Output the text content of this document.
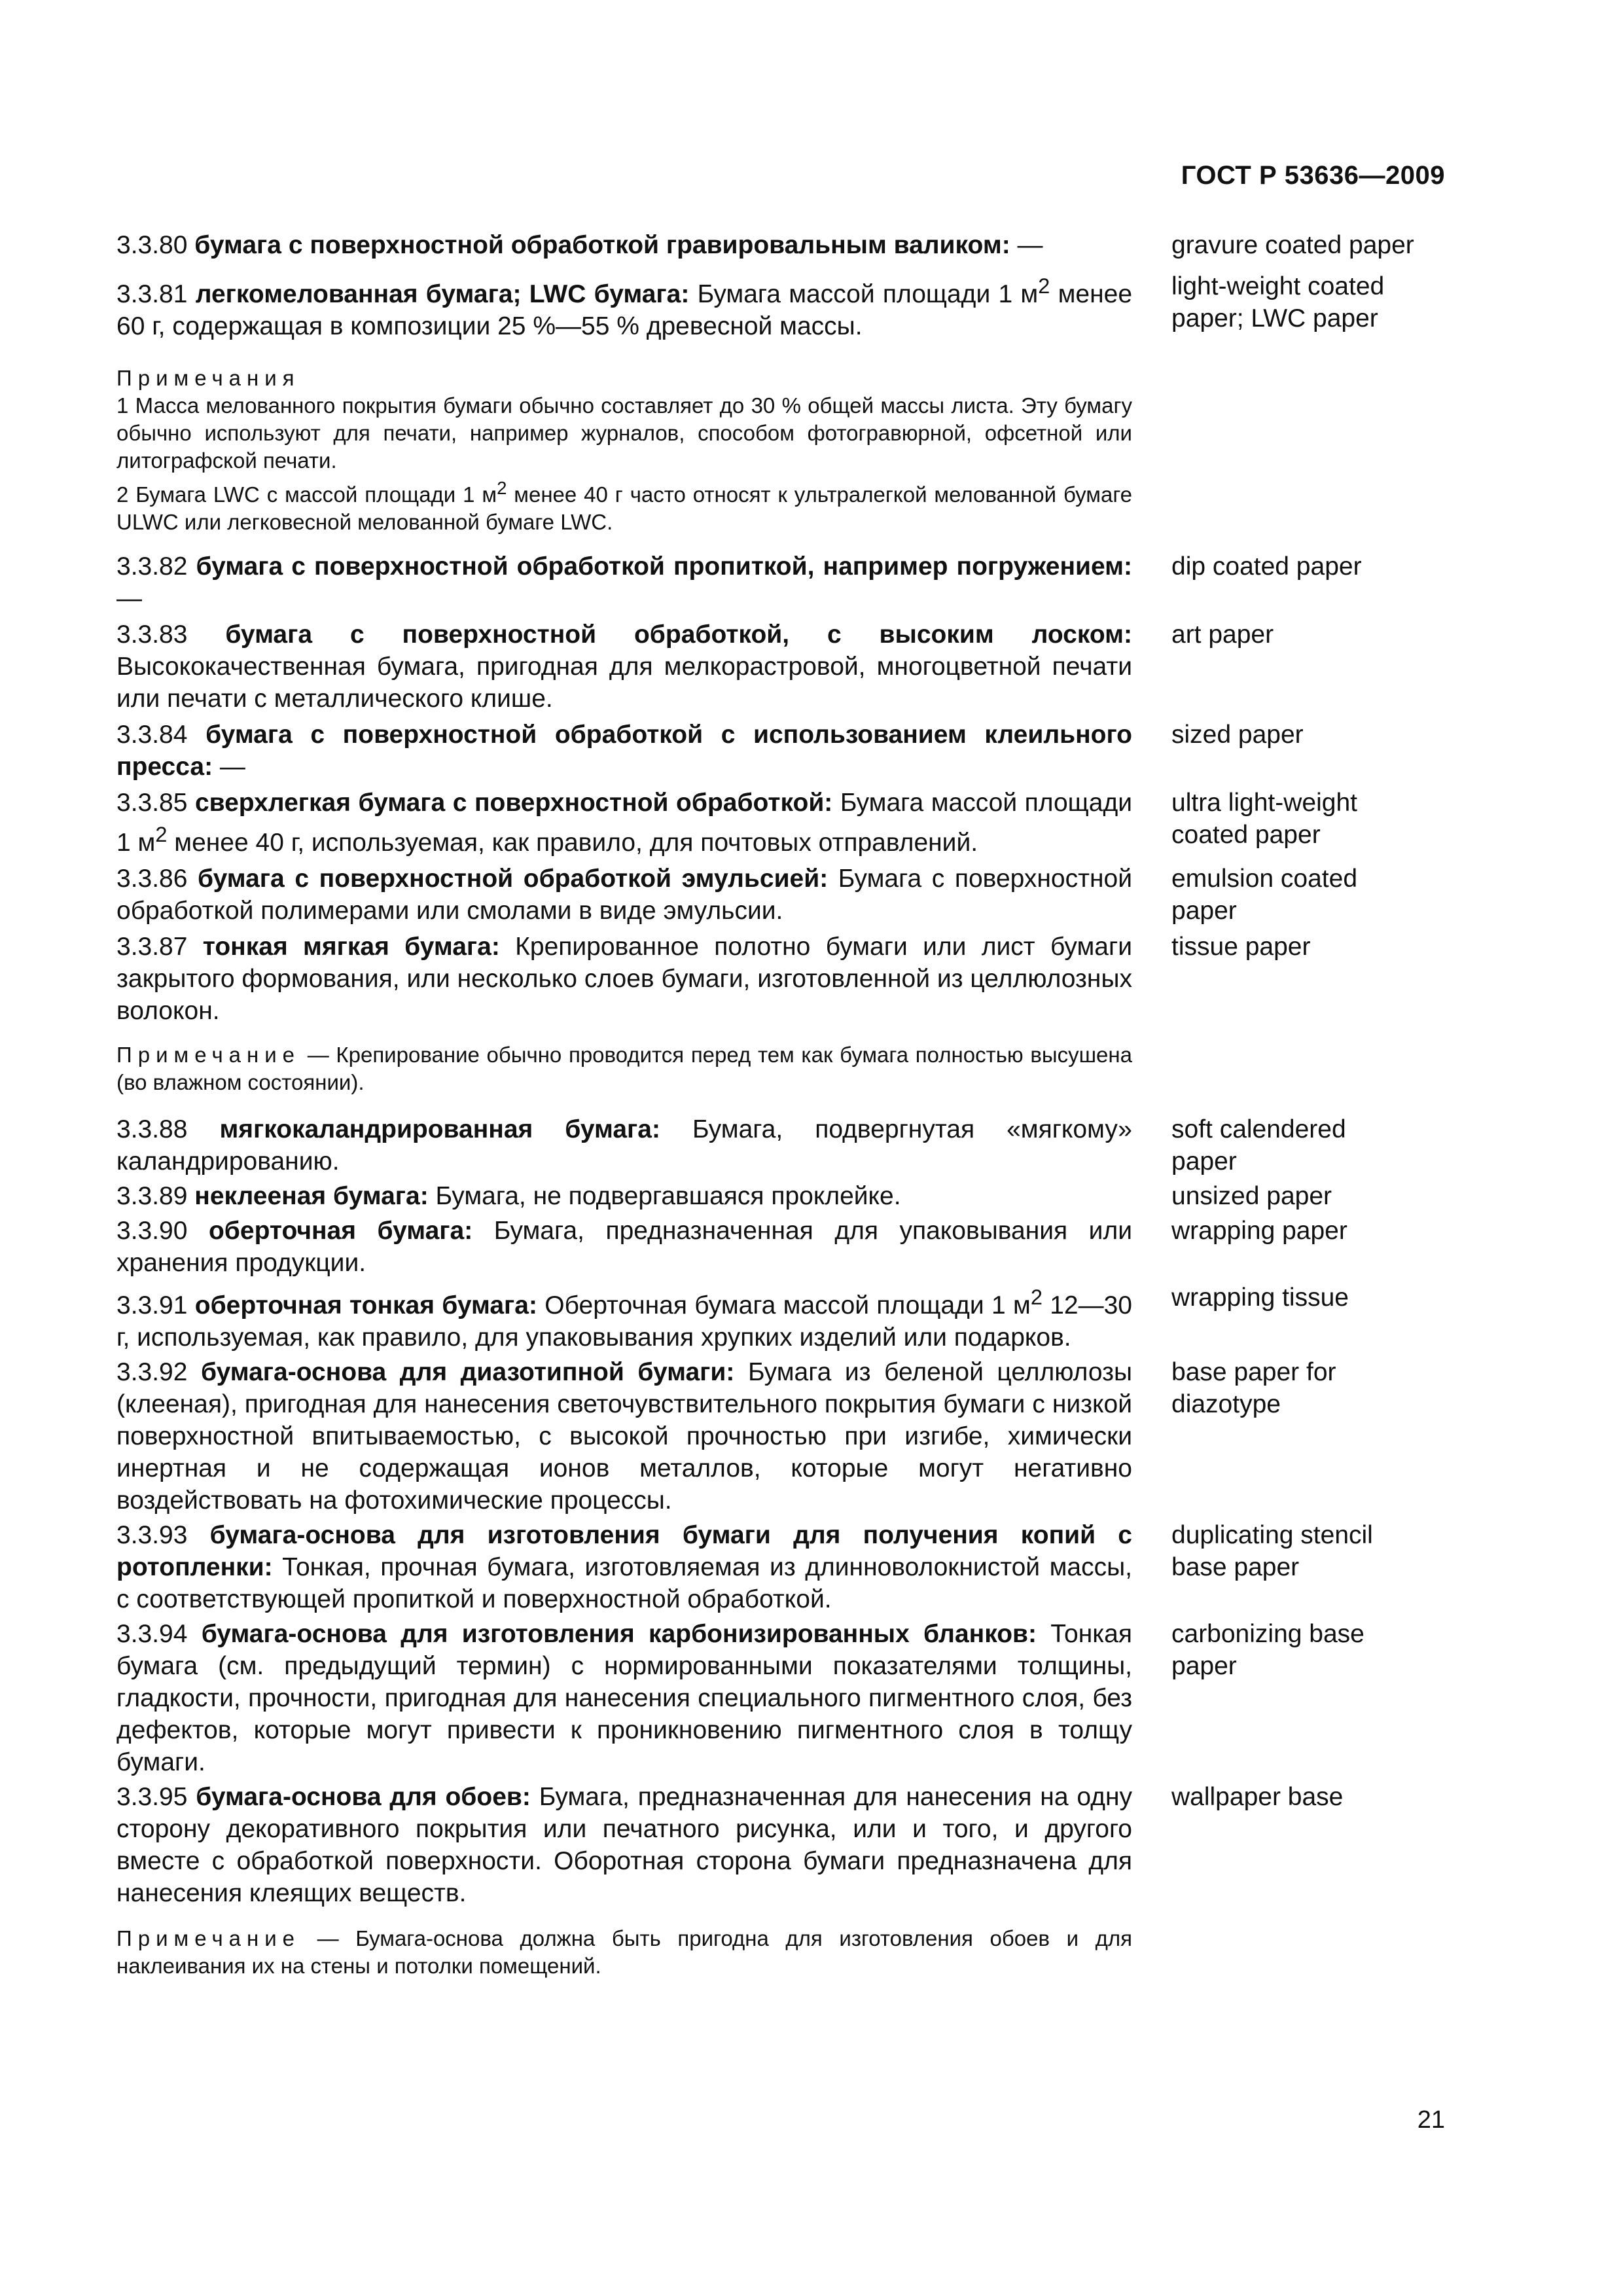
ГОСТ Р 53636—2009
3.3.80 бумага с поверхностной обработкой гравировальным валиком: —	gravure coated paper
3.3.81 легкомелованная бумага; LWC бумага: Бумага массой площади 1 $м^2$ менее 60 г, содержащая в композиции 25 %—55 % древесной массы.
light-weight coated paper; LWC paper
Примечания
1 Масса мелованного покрытия бумаги обычно составляет до 30 % общей массы листа. Эту бумагу обычно используют для печати, например журналов, способом фотогравюрной, офсетной или литографской печати.
2 Бумага LWC с массой площади 1 $м^2$ менее 40 г часто относят к ультралегкой мелованной бумаге ULWC или легковесной мелованной бумаге LWC.
3.3.82 бумага с поверхностной обработкой пропиткой, например погружением: —
dip coated paper
3.3.83 бумага с поверхностной обработкой, с высоким лоском: Высококачественная бумага, пригодная для мелкорастровой, многоцветной печати или печати с металлического клише.
art paper
3.3.84 бумага с поверхностной обработкой с использованием клеильного пресса: —
sized paper
3.3.85 сверхлегкая бумага с поверхностной обработкой: Бумага массой площади 1 $м^2$ менее 40 г, используемая, как правило, для почтовых отправлений.
ultra light-weight coated paper
3.3.86 бумага с поверхностной обработкой эмульсией: Бумага с поверхностной обработкой полимерами или смолами в виде эмульсии.
emulsion coated paper
3.3.87 тонкая мягкая бумага: Крепированное полотно бумаги или лист бумаги закрытого формования, или несколько слоев бумаги, изготовленной из целлюлозных волокон.
tissue paper
Примечание — Крепирование обычно проводится перед тем как бумага полностью высушена (во влажном состоянии).
3.3.88 мягкокаландрированная бумага: Бумага, подвергнутая «мягкому» каландрированию.
soft calendered paper
3.3.89 неклееная бумага: Бумага, не подвергавшаяся проклейке.	unsized paper
3.3.90 оберточная бумага: Бумага, предназначенная для упаковывания или хранения продукции.
wrapping paper
3.3.91 оберточная тонкая бумага: Оберточная бумага массой площади 1 $м^2$ 12—30 г, используемая, как правило, для упаковывания хрупких изделий или подарков.
wrapping tissue
3.3.92 бумага-основа для диазотипной бумаги: Бумага из беленой целлюлозы (клееная), пригодная для нанесения светочувствительного покрытия бумаги с низкой поверхностной впитываемостью, с высокой прочностью при изгибе, химически инертная и не содержащая ионов металлов, которые могут негативно воздействовать на фотохимические процессы.
base paper for diazotype
3.3.93 бумага-основа для изготовления бумаги для получения копий с ротопленки: Тонкая, прочная бумага, изготовляемая из длинноволокнистой массы, с соответствующей пропиткой и поверхностной обработкой.
duplicating stencil base paper
3.3.94 бумага-основа для изготовления карбонизированных бланков: Тонкая бумага (см. предыдущий термин) с нормированными показателями толщины, гладкости, прочности, пригодная для нанесения специального пигментного слоя, без дефектов, которые могут привести к проникновению пигментного слоя в толщу бумаги.
carbonizing base paper
3.3.95 бумага-основа для обоев: Бумага, предназначенная для нанесения на одну сторону декоративного покрытия или печатного рисунка, или и того, и другого вместе с обработкой поверхности. Оборотная сторона бумаги предназначена для нанесения клеящих веществ.
wallpaper base
Примечание — Бумага-основа должна быть пригодна для изготовления обоев и для наклеивания их на стены и потолки помещений.
21
